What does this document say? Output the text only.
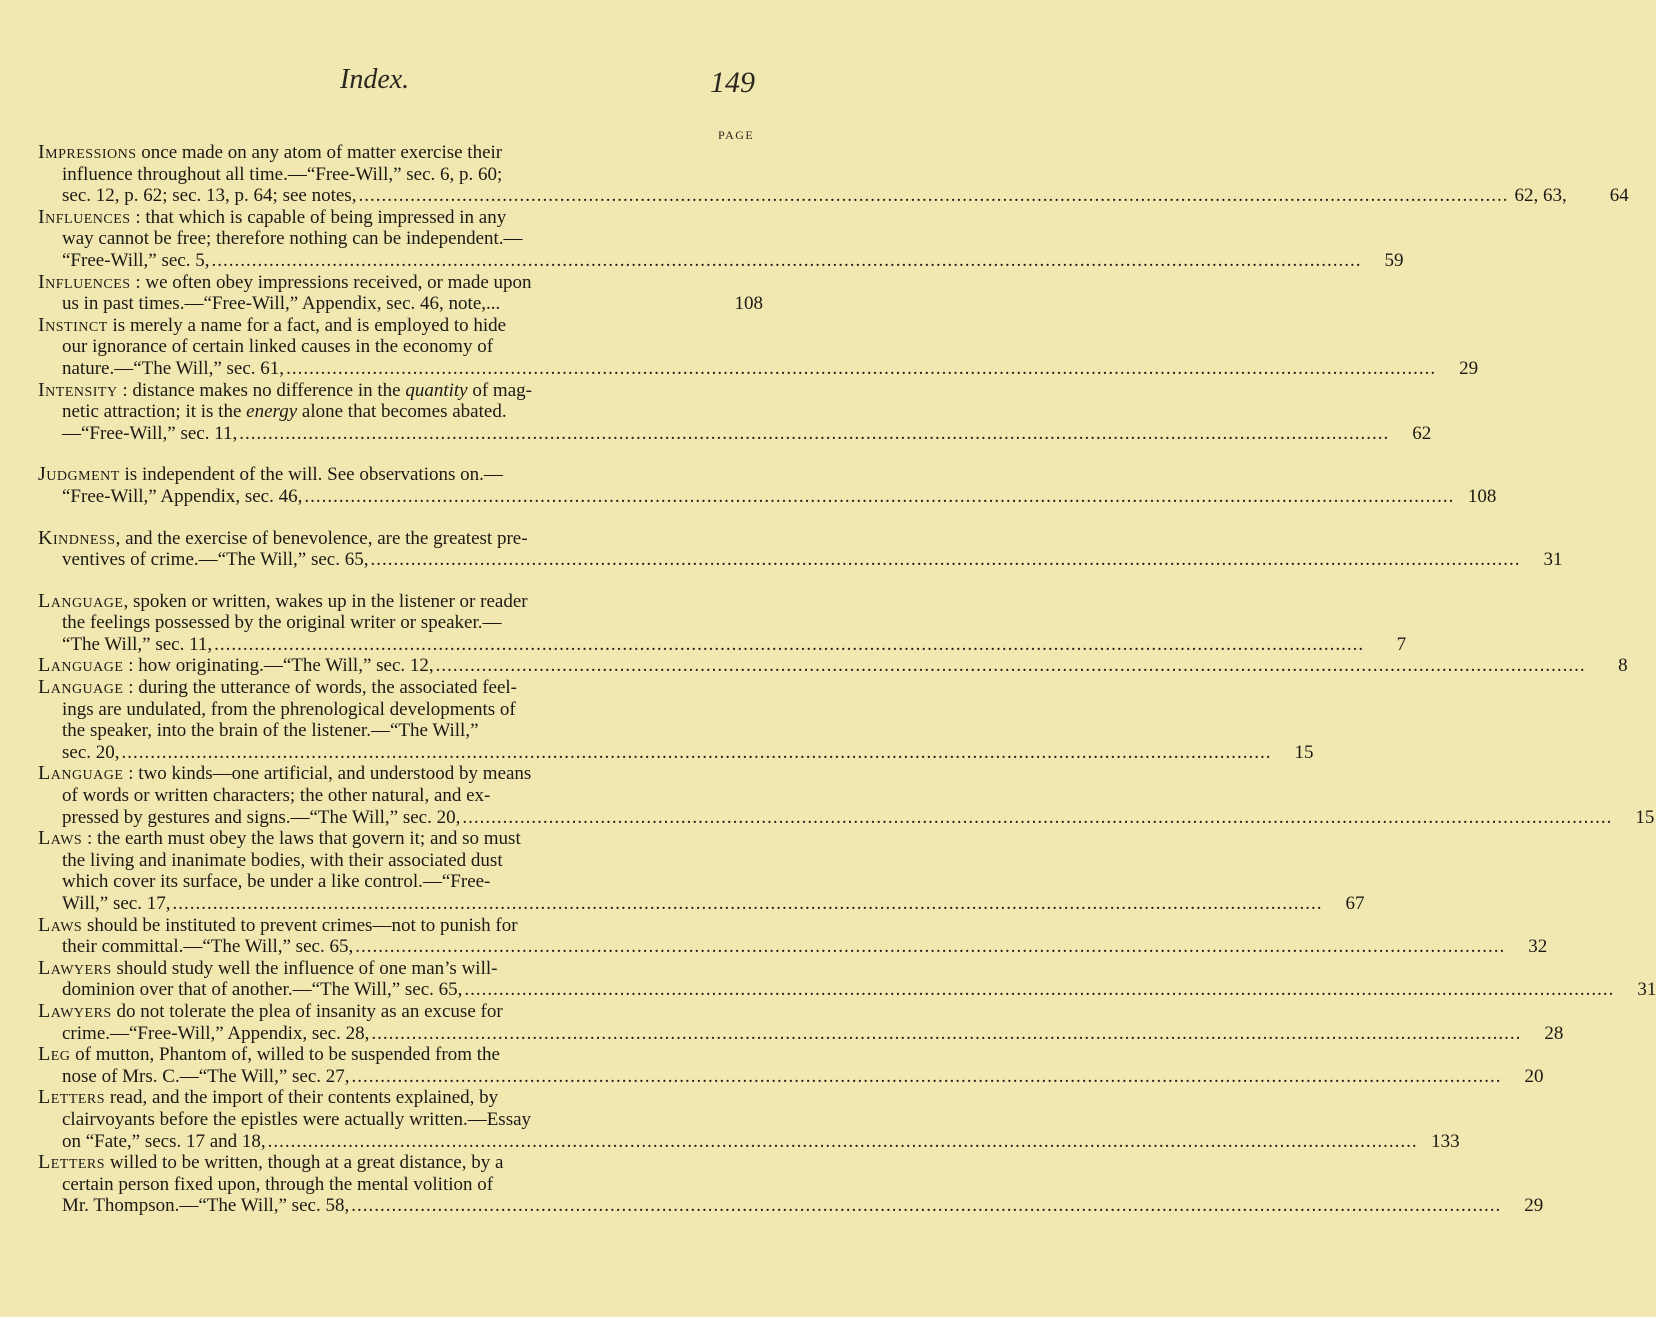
Index.	149
PAGE
Impressions once made on any atom of matter exercise their
influence throughout all time.—“Free-Will,” sec. 6, p. 60;
sec. 12, p. 62; sec. 13, p. 64; see notes, ........................................................................................................................................................................................................ 62, 63,	64
Influences : that which is capable of being impressed in any
way cannot be free; therefore nothing can be independent.—
“Free-Will,” sec. 5, ........................................................................................................................................................................................................	59
Influences : we often obey impressions received, or made upon
us in past times.—“Free-Will,” Appendix, sec. 46, note,...	108
Instinct is merely a name for a fact, and is employed to hide
our ignorance of certain linked causes in the economy of
nature.—“The Will,” sec. 61, ........................................................................................................................................................................................................	29
Intensity : distance makes no difference in the quantity of mag-
netic attraction; it is the energy alone that becomes abated.
—“Free-Will,” sec. 11, ........................................................................................................................................................................................................	62
Judgment is independent of the will. See observations on.—
“Free-Will,” Appendix, sec. 46, ........................................................................................................................................................................................................ 108
Kindness, and the exercise of benevolence, are the greatest pre-
ventives of crime.—“The Will,” sec. 65, ........................................................................................................................................................................................................	31
Language, spoken or written, wakes up in the listener or reader
the feelings possessed by the original writer or speaker.—
“The Will,” sec. 11, ........................................................................................................................................................................................................	7
Language : how originating.—“The Will,” sec. 12, ........................................................................................................................................................................................................	8
Language : during the utterance of words, the associated feel-
ings are undulated, from the phrenological developments of
the speaker, into the brain of the listener.—“The Will,”
sec. 20, ........................................................................................................................................................................................................	15
Language : two kinds—one artificial, and understood by means
of words or written characters; the other natural, and ex-
pressed by gestures and signs.—“The Will,” sec. 20, ........................................................................................................................................................................................................	15
Laws : the earth must obey the laws that govern it; and so must
the living and inanimate bodies, with their associated dust
which cover its surface, be under a like control.—“Free-
Will,” sec. 17, ........................................................................................................................................................................................................	67
Laws should be instituted to prevent crimes—not to punish for
their committal.—“The Will,” sec. 65, ........................................................................................................................................................................................................	32
Lawyers should study well the influence of one man’s will-
dominion over that of another.—“The Will,” sec. 65, ........................................................................................................................................................................................................	31
Lawyers do not tolerate the plea of insanity as an excuse for
crime.—“Free-Will,” Appendix, sec. 28, ........................................................................................................................................................................................................	28
Leg of mutton, Phantom of, willed to be suspended from the
nose of Mrs. C.—“The Will,” sec. 27, ........................................................................................................................................................................................................	20
Letters read, and the import of their contents explained, by
clairvoyants before the epistles were actually written.—Essay
on “Fate,” secs. 17 and 18, ........................................................................................................................................................................................................ 133
Letters willed to be written, though at a great distance, by a
certain person fixed upon, through the mental volition of
Mr. Thompson.—“The Will,” sec. 58, ........................................................................................................................................................................................................	29
